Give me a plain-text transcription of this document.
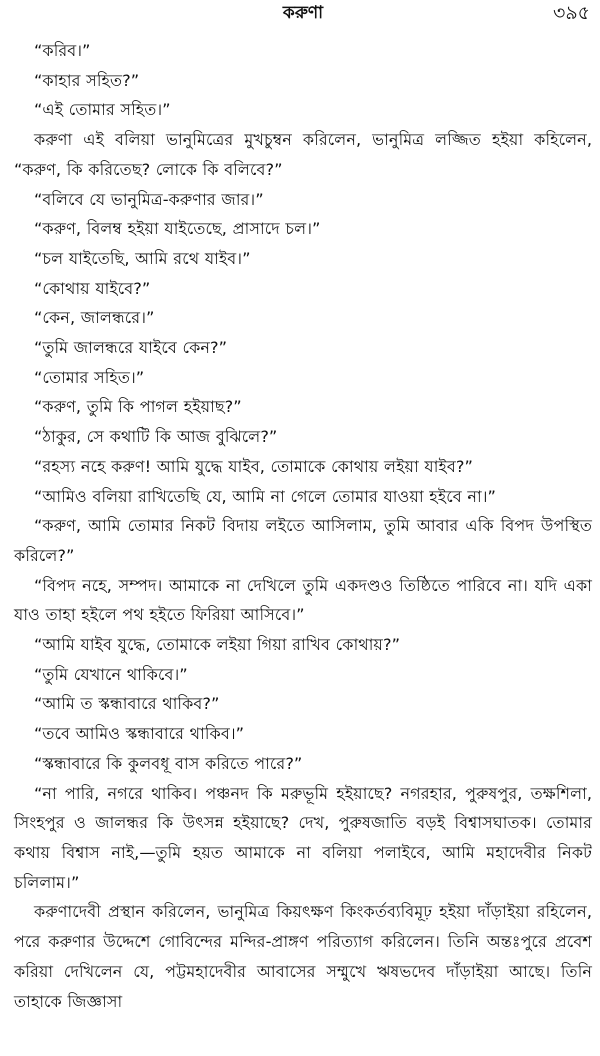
করুণা	৩৯৫

“করিব।”

“কাহার সহিত?”

“এই তোমার সহিত।”

করুণা এই বলিয়া ভানুমিত্রের মুখচুম্বন করিলেন, ভানুমিত্র লজ্জিত হইয়া কহিলেন, “করুণ, কি করিতেছ? লোকে কি বলিবে?”

“বলিবে যে ভানুমিত্র-করুণার জার।”

“করুণ, বিলম্ব হইয়া যাইতেছে, প্রাসাদে চল।”

“চল যাইতেছি, আমি রথে যাইব।”

“কোথায় যাইবে?”

“কেন, জালন্ধরে।”

“তুমি জালন্ধরে যাইবে কেন?”

“তোমার সহিত।”

“করুণ, তুমি কি পাগল হইয়াছ?”

“ঠাকুর, সে কথাটি কি আজ বুঝিলে?”

“রহস্য নহে করুণ! আমি যুদ্ধে যাইব, তোমাকে কোথায় লইয়া যাইব?”

“আমিও বলিয়া রাখিতেছি যে, আমি না গেলে তোমার যাওয়া হইবে না।”

“করুণ, আমি তোমার নিকট বিদায় লইতে আসিলাম, তুমি আবার একি বিপদ উপস্থিত করিলে?”

“বিপদ নহে, সম্পদ। আমাকে না দেখিলে তুমি একদণ্ডও তিষ্ঠিতে পারিবে না। যদি একা যাও তাহা হইলে পথ হইতে ফিরিয়া আসিবে।”

“আমি যাইব যুদ্ধে, তোমাকে লইয়া গিয়া রাখিব কোথায়?”

“তুমি যেখানে থাকিবে।”

“আমি ত স্কন্ধাবারে থাকিব?”

“তবে আমিও স্কন্ধাবারে থাকিব।”

“স্কন্ধাবারে কি কুলবধূ বাস করিতে পারে?”

“না পারি, নগরে থাকিব। পঞ্চনদ কি মরুভূমি হইয়াছে? নগরহার, পুরুষপুর, তক্ষশিলা, সিংহপুর ও জালন্ধর কি উৎসন্ন হইয়াছে? দেখ, পুরুষজাতি বড়ই বিশ্বাসঘাতক। তোমার কথায় বিশ্বাস নাই,—তুমি হয়ত আমাকে না বলিয়া পলাইবে, আমি মহাদেবীর নিকট চলিলাম।”

করুণাদেবী প্রস্থান করিলেন, ভানুমিত্র কিয়ৎক্ষণ কিংকর্তব্যবিমূঢ় হইয়া দাঁড়াইয়া রহিলেন, পরে করুণার উদ্দেশে গোবিন্দের মন্দির-প্রাঙ্গণ পরিত্যাগ করিলেন। তিনি অন্তঃপুরে প্রবেশ করিয়া দেখিলেন যে, পট্টমহাদেবীর আবাসের সম্মুখে ঋষভদেব দাঁড়াইয়া আছে। তিনি তাহাকে জিজ্ঞাসা
